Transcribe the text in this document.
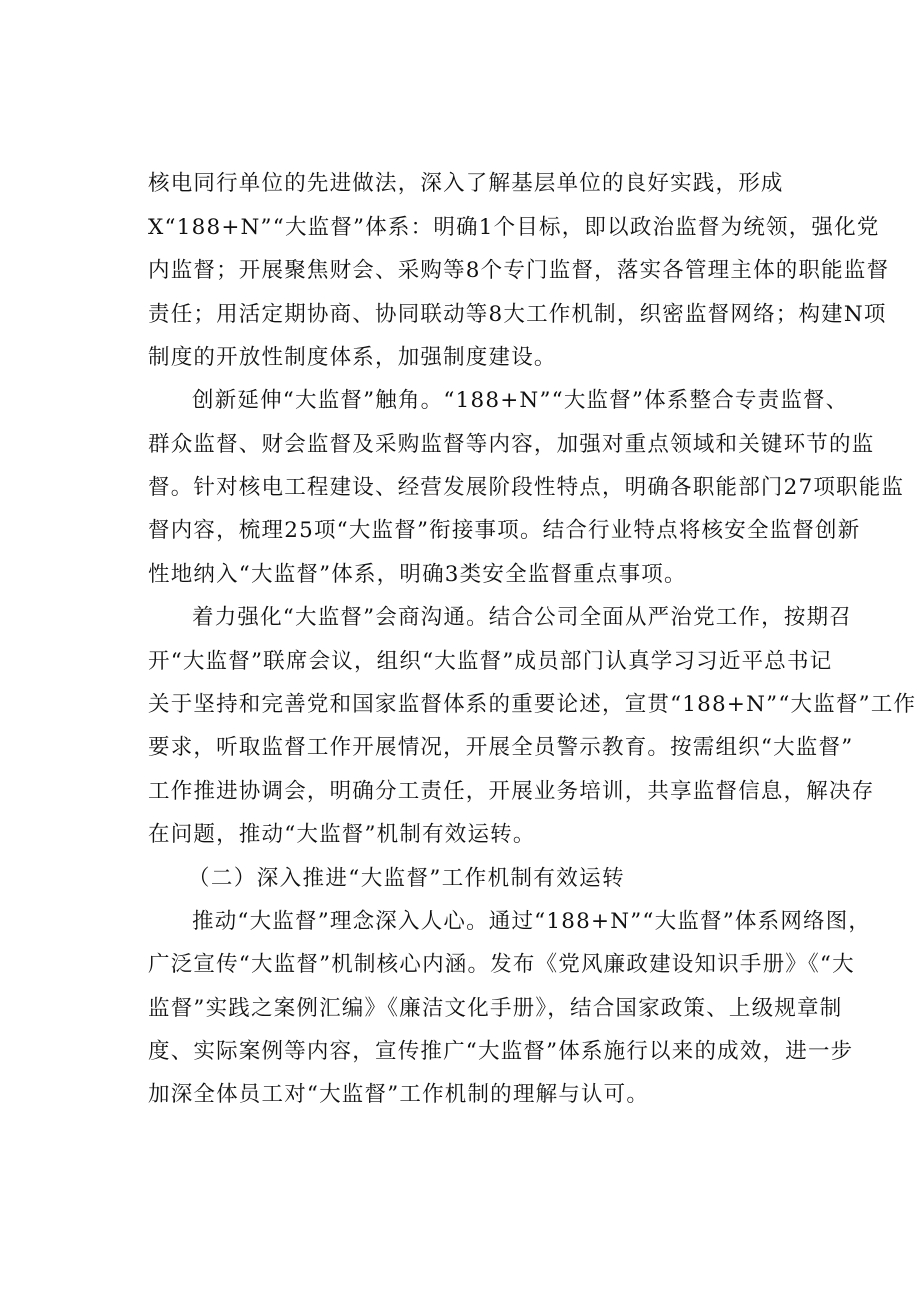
核电同行单位的先进做法，深入了解基层单位的良好实践，形成
X“188+N”“大监督”体系：明确1个目标，即以政治监督为统领，强化党
内监督；开展聚焦财会、采购等8个专门监督，落实各管理主体的职能监督
责任；用活定期协商、协同联动等8大工作机制，织密监督网络；构建N项
制度的开放性制度体系，加强制度建设。
创新延伸“大监督”触角。“188+N”“大监督”体系整合专责监督、
群众监督、财会监督及采购监督等内容，加强对重点领域和关键环节的监
督。针对核电工程建设、经营发展阶段性特点，明确各职能部门27项职能监
督内容，梳理25项“大监督”衔接事项。结合行业特点将核安全监督创新
性地纳入“大监督”体系，明确3类安全监督重点事项。
着力强化“大监督”会商沟通。结合公司全面从严治党工作，按期召
开“大监督”联席会议，组织“大监督”成员部门认真学习习近平总书记
关于坚持和完善党和国家监督体系的重要论述，宣贯“188+N”“大监督”工作
要求，听取监督工作开展情况，开展全员警示教育。按需组织“大监督”
工作推进协调会，明确分工责任，开展业务培训，共享监督信息，解决存
在问题，推动“大监督”机制有效运转。
（二）深入推进“大监督”工作机制有效运转
推动“大监督”理念深入人心。通过“188+N”“大监督”体系网络图，
广泛宣传“大监督”机制核心内涵。发布《党风廉政建设知识手册》《“大
监督”实践之案例汇编》《廉洁文化手册》，结合国家政策、上级规章制
度、实际案例等内容，宣传推广“大监督”体系施行以来的成效，进一步
加深全体员工对“大监督”工作机制的理解与认可。
